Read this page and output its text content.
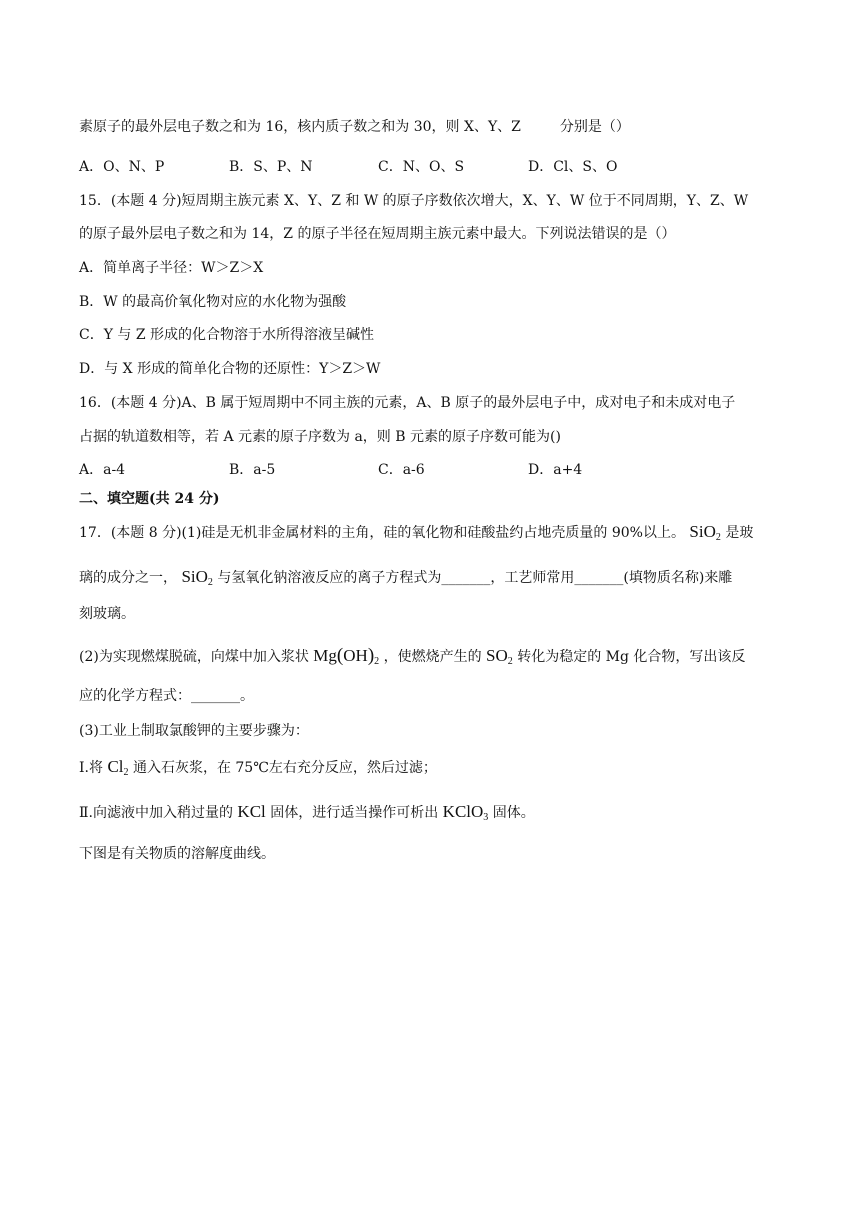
素原子的最外层电子数之和为 16，核内质子数之和为 30，则 X、Y、Z	分别是（）
A．O、N、P	B．S、P、N	C．N、O、S	D．Cl、S、O
15．(本题 4 分)短周期主族元素 X、Y、Z 和 W 的原子序数依次增大，X、Y、W 位于不同周期，Y、Z、W
的原子最外层电子数之和为 14，Z 的原子半径在短周期主族元素中最大。下列说法错误的是（）
A．简单离子半径：W＞Z＞X
B．W 的最高价氧化物对应的水化物为强酸
C．Y 与 Z 形成的化合物溶于水所得溶液呈碱性
D．与 X 形成的简单化合物的还原性：Y＞Z＞W
16．(本题 4 分)A、B 属于短周期中不同主族的元素，A、B 原子的最外层电子中，成对电子和未成对电子
占据的轨道数相等，若 A 元素的原子序数为 a，则 B 元素的原子序数可能为()
A．a-4	B．a-5	C．a-6	D．a+4
二、填空题(共 24 分)
17．(本题 8 分)(1)硅是无机非金属材料的主角，硅的氧化物和硅酸盐约占地壳质量的 90%以上。 SiO$_2$ 是玻
璃的成分之一， SiO$_2$ 与氢氧化钠溶液反应的离子方程式为_______，工艺师常用_______(填物质名称)来雕
刻玻璃。
(2)为实现燃煤脱硫，向煤中加入浆状 $Mg(OH)_2$ ，使燃烧产生的 $SO_2$ 转化为稳定的 Mg 化合物，写出该反
应的化学方程式：_______。
(3)工业上制取氯酸钾的主要步骤为：
Ⅰ.将 $Cl_2$ 通入石灰浆，在 75℃左右充分反应，然后过滤；
Ⅱ.向滤液中加入稍过量的 KCl 固体，进行适当操作可析出 KClO$_3$ 固体。
下图是有关物质的溶解度曲线。
